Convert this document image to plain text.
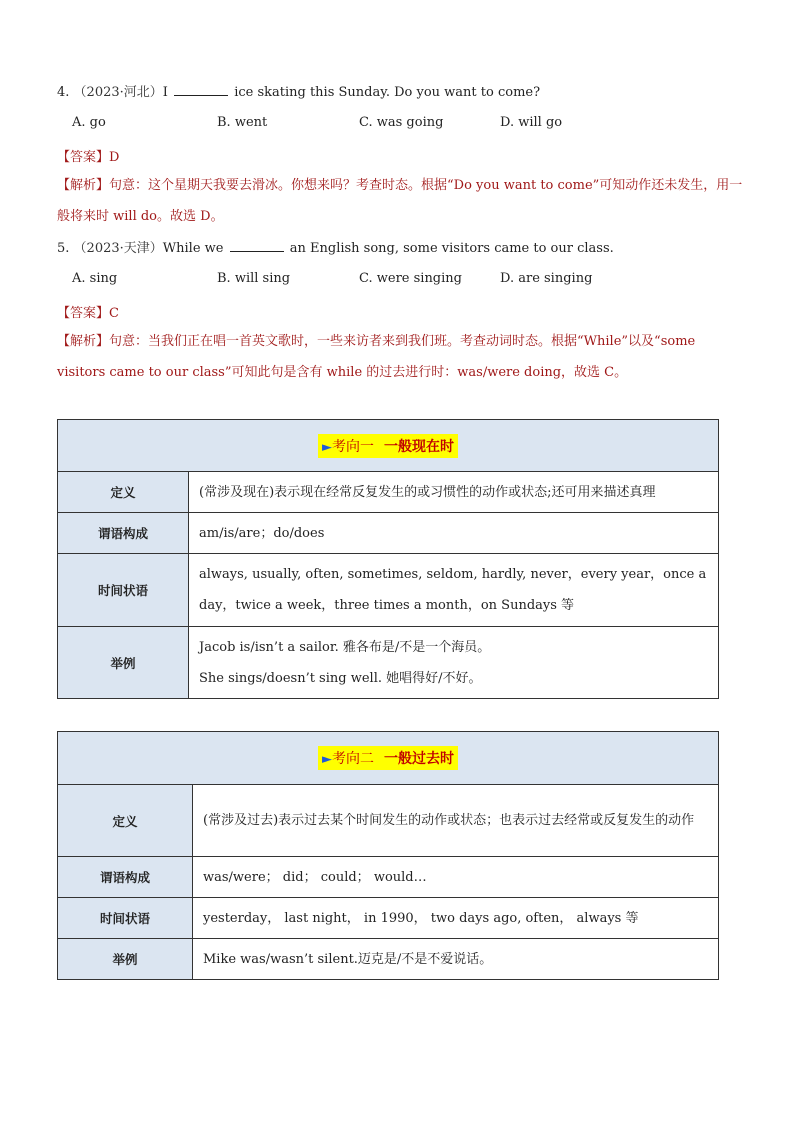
4. （2023·河北）I	ice skating this Sunday. Do you want to come?
A. go	B. went	C. was going	D. will go
【答案】D
【解析】句意：这个星期天我要去滑冰。你想来吗？考查时态。根据“Do you want to come”可知动作还未发生，用一般将来时 will do。故选 D。
5. （2023·天津）While we	an English song, some visitors came to our class.
A. sing	B. will sing	C. were singing	D. are singing
【答案】C
【解析】句意：当我们正在唱一首英文歌时，一些来访者来到我们班。考查动词时态。根据“While”以及“some visitors came to our class”可知此句是含有 while 的过去进行时：was/were doing，故选 C。
►考向一 一般现在时	
定义	(常涉及现在)表示现在经常反复发生的或习惯性的动作或状态;还可用来描述真理
谓语构成	am/is/are；do/does
时间状语	always, usually, often, sometimes, seldom, hardly, never，every year，once a day，twice a week，three times a month，on Sundays 等
举例	Jacob is/isn’t a sailor. 雅各布是/不是一个海员。
She sings/doesn’t sing well. 她唱得好/不好。
►考向二 一般过去时	
定义	(常涉及过去)表示过去某个时间发生的动作或状态；也表示过去经常或反复发生的动作
谓语构成	was/were； did； could； would…
时间状语	yesterday， last night， in 1990， two days ago, often， always 等
举例	Mike was/wasn’t silent.迈克是/不是不爱说话。
